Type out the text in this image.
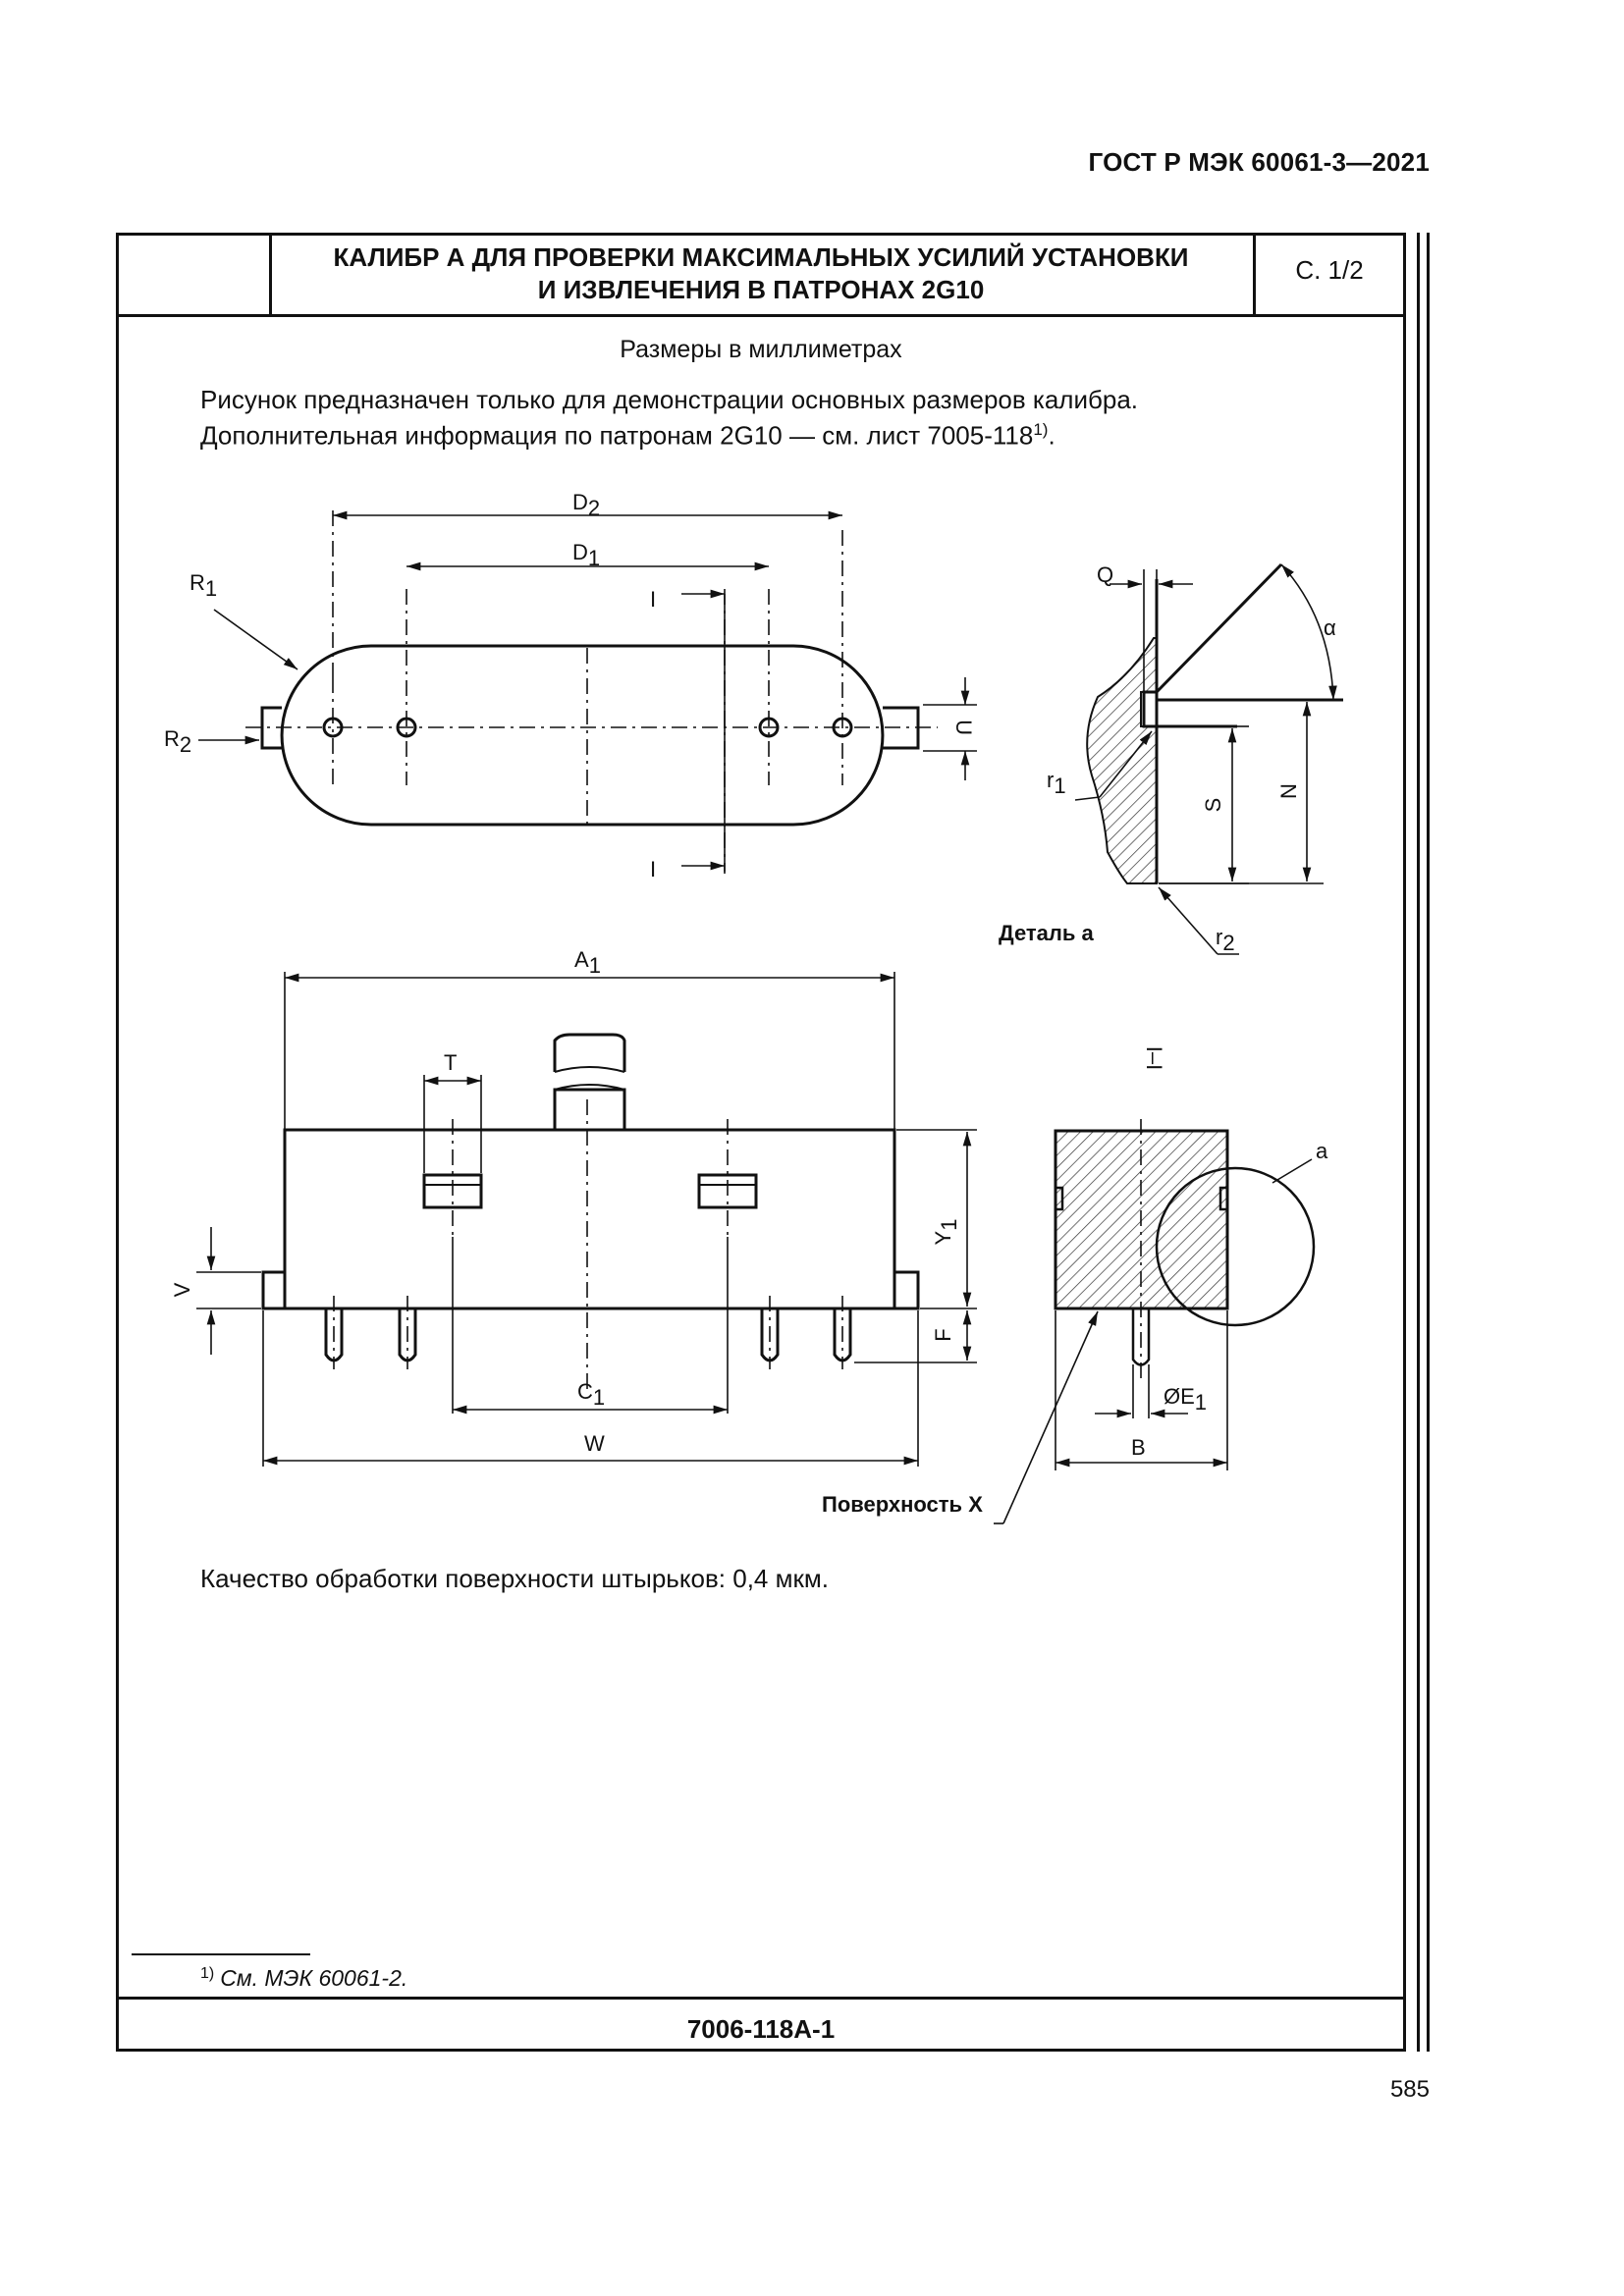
ГОСТ Р МЭК 60061-3—2021
КАЛИБР А ДЛЯ ПРОВЕРКИ МАКСИМАЛЬНЫХ УСИЛИЙ УСТАНОВКИ
И ИЗВЛЕЧЕНИЯ В ПАТРОНАХ 2G10
С. 1/2
Размеры в миллиметрах
Рисунок предназначен только для демонстрации основных размеров калибра.
Дополнительная информация по патронам 2G10 — см. лист 7005-118$^{1)}$.
D2
D1
R1
R2
I
I
U
Q
α
S
N
r1
r2
Деталь а
A1
T
C1
W
Y1
F
V
I–I
a
ØE1
B
Поверхность X
Качество обработки поверхности штырьков: 0,4 мкм.
$^{1)}$ См. МЭК 60061-2.
7006-118A-1
585
